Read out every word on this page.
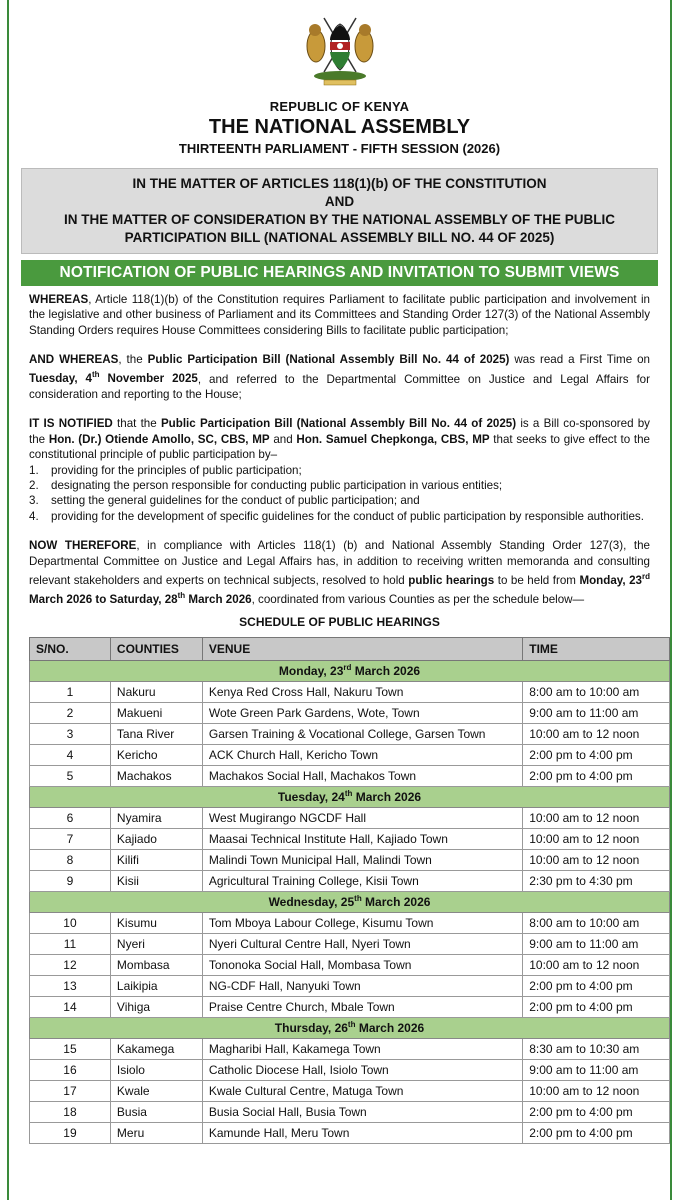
REPUBLIC OF KENYA
THE NATIONAL ASSEMBLY
THIRTEENTH PARLIAMENT - FIFTH SESSION (2026)
IN THE MATTER OF ARTICLES 118(1)(b) OF THE CONSTITUTION
AND
IN THE MATTER OF CONSIDERATION BY THE NATIONAL ASSEMBLY OF THE PUBLIC PARTICIPATION BILL (NATIONAL ASSEMBLY BILL NO. 44 OF 2025)
NOTIFICATION OF PUBLIC HEARINGS AND INVITATION TO SUBMIT VIEWS

WHEREAS, Article 118(1)(b) of the Constitution requires Parliament to facilitate public participation and involvement in the legislative and other business of Parliament and its Committees and Standing Order 127(3) of the National Assembly Standing Orders requires House Committees considering Bills to facilitate public participation;

AND WHEREAS, the Public Participation Bill (National Assembly Bill No. 44 of 2025) was read a First Time on Tuesday, 4th November 2025, and referred to the Departmental Committee on Justice and Legal Affairs for consideration and reporting to the House;

IT IS NOTIFIED that the Public Participation Bill (National Assembly Bill No. 44 of 2025) is a Bill co-sponsored by the Hon. (Dr.) Otiende Amollo, SC, CBS, MP and Hon. Samuel Chepkonga, CBS, MP that seeks to give effect to the constitutional principle of public participation by–

1.	providing for the principles of public participation;
2.	designating the person responsible for conducting public participation in various entities;
3.	setting the general guidelines for the conduct of public participation; and
4.	providing for the development of specific guidelines for the conduct of public participation by responsible authorities.

NOW THEREFORE, in compliance with Articles 118(1) (b) and National Assembly Standing Order 127(3), the Departmental Committee on Justice and Legal Affairs has, in addition to receiving written memoranda and consulting relevant stakeholders and experts on technical subjects, resolved to hold public hearings to be held from Monday, 23rd March 2026 to Saturday, 28th March 2026, coordinated from various Counties as per the schedule below—

SCHEDULE OF PUBLIC HEARINGS
S/NO.	COUNTIES	VENUE	TIME
Monday, 23rd March 2026			
1	Nakuru	Kenya Red Cross Hall, Nakuru Town	8:00 am to 10:00 am
2	Makueni	Wote Green Park Gardens, Wote, Town	9:00 am to 11:00 am
3	Tana River	Garsen Training & Vocational College, Garsen Town	10:00 am to 12 noon
4	Kericho	ACK Church Hall, Kericho Town	2:00 pm to 4:00 pm
5	Machakos	Machakos Social Hall, Machakos Town	2:00 pm to 4:00 pm
Tuesday, 24th March 2026			
6	Nyamira	West Mugirango NGCDF Hall	10:00 am to 12 noon
7	Kajiado	Maasai Technical Institute Hall, Kajiado Town	10:00 am to 12 noon
8	Kilifi	Malindi Town Municipal Hall, Malindi Town	10:00 am to 12 noon
9	Kisii	Agricultural Training College, Kisii Town	2:30 pm to 4:30 pm
Wednesday, 25th March 2026			
10	Kisumu	Tom Mboya Labour College, Kisumu Town	8:00 am to 10:00 am
11	Nyeri	Nyeri Cultural Centre Hall, Nyeri Town	9:00 am to 11:00 am
12	Mombasa	Tononoka Social Hall, Mombasa Town	10:00 am to 12 noon
13	Laikipia	NG-CDF Hall, Nanyuki Town	2:00 pm to 4:00 pm
14	Vihiga	Praise Centre Church, Mbale Town	2:00 pm to 4:00 pm
Thursday, 26th March 2026			
15	Kakamega	Magharibi Hall, Kakamega Town	8:30 am to 10:30 am
16	Isiolo	Catholic Diocese Hall, Isiolo Town	9:00 am to 11:00 am
17	Kwale	Kwale Cultural Centre, Matuga Town	10:00 am to 12 noon
18	Busia	Busia Social Hall, Busia Town	2:00 pm to 4:00 pm
19	Meru	Kamunde Hall, Meru Town	2:00 pm to 4:00 pm
